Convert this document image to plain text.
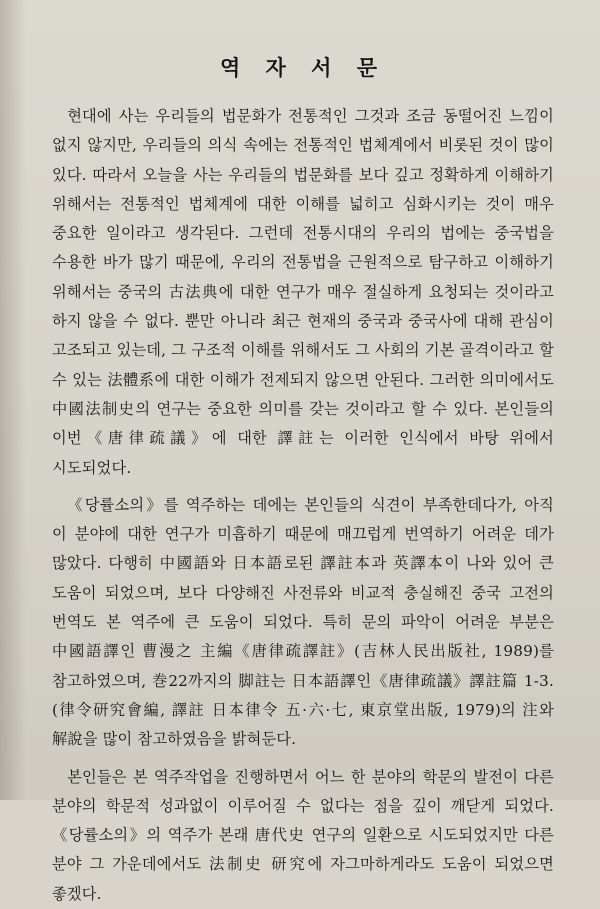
역 자 서 문

현대에 사는 우리들의 법문화가 전통적인 그것과 조금 동떨어진 느낌이 없지 않지만, 우리들의 의식 속에는 전통적인 법체계에서 비롯된 것이 많이 있다. 따라서 오늘을 사는 우리들의 법문화를 보다 깊고 정확하게 이해하기 위해서는 전통적인 법체계에 대한 이해를 넓히고 심화시키는 것이 매우 중요한 일이라고 생각된다. 그런데 전통시대의 우리의 법에는 중국법을 수용한 바가 많기 때문에, 우리의 전통법을 근원적으로 탐구하고 이해하기 위해서는 중국의 古法典에 대한 연구가 매우 절실하게 요청되는 것이라고 하지 않을 수 없다. 뿐만 아니라 최근 현재의 중국과 중국사에 대해 관심이 고조되고 있는데, 그 구조적 이해를 위해서도 그 사회의 기본 골격이라고 할 수 있는 法體系에 대한 이해가 전제되지 않으면 안된다. 그러한 의미에서도 中國法制史의 연구는 중요한 의미를 갖는 것이라고 할 수 있다. 본인들의 이번《唐律疏議》에 대한 譯註는 이러한 인식에서 바탕 위에서 시도되었다.

《당률소의》를 역주하는 데에는 본인들의 식견이 부족한데다가, 아직 이 분야에 대한 연구가 미흡하기 때문에 매끄럽게 번역하기 어려운 데가 많았다. 다행히 中國語와 日本語로된 譯註本과 英譯本이 나와 있어 큰 도움이 되었으며, 보다 다양해진 사전류와 비교적 충실해진 중국 고전의 번역도 본 역주에 큰 도움이 되었다. 특히 문의 파악이 어려운 부분은 中國語譯인 曹漫之 主編《唐律疏譯註》(吉林人民出版社, 1989)를 참고하였으며, 巻22까지의 脚註는 日本語譯인《唐律疏議》譯註篇 1-3.(律令研究會編, 譯註 日本律令 五·六·七, 東京堂出版, 1979)의 注와 解說을 많이 참고하였음을 밝혀둔다.

본인들은 본 역주작업을 진행하면서 어느 한 분야의 학문의 발전이 다른 분야의 학문적 성과없이 이루어질 수 없다는 점을 깊이 깨닫게 되었다.《당률소의》의 역주가 본래 唐代史 연구의 일환으로 시도되었지만 다른 분야 그 가운데에서도 法制史 研究에 자그마하게라도 도움이 되었으면 좋겠다.
